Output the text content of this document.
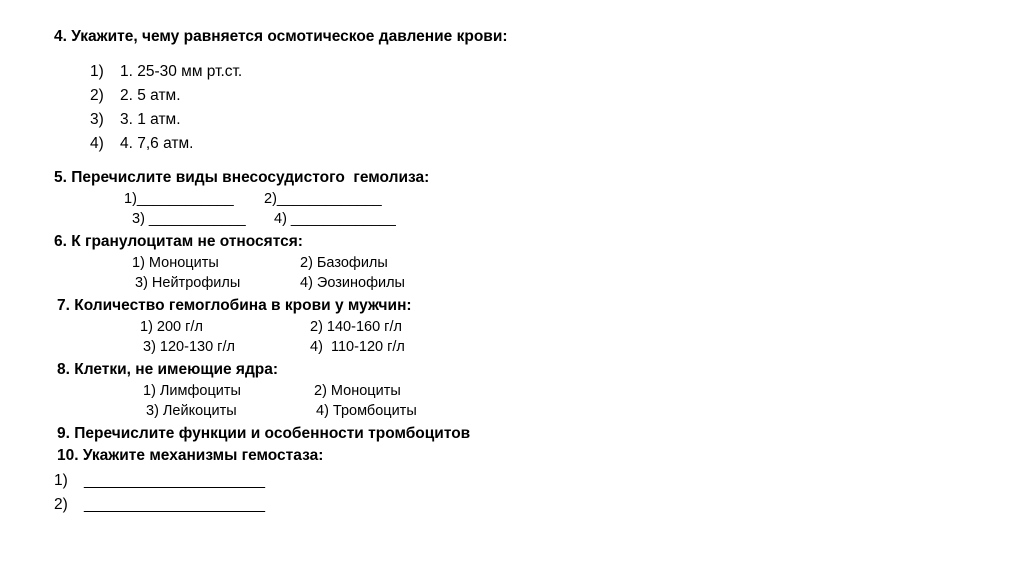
4. Укажите, чему равняется осмотическое давление крови:
1) 1. 25-30 мм рт.ст.
2) 2. 5 атм.
3) 3. 1 атм.
4) 4. 7,6 атм.
5. Перечислите виды внесосудистого  гемолиза:
1)____________ 2)_____________
3) ____________ 4) _____________
6. К гранулоцитам не относятся:
1) Моноциты	2) Базофилы
3) Нейтрофилы	4) Эозинофилы
7. Количество гемоглобина в крови у мужчин:
1) 200 г/л	2) 140-160 г/л
3) 120-130 г/л	4)  110-120 г/л
8. Клетки, не имеющие ядра:
1) Лимфоциты	2) Моноциты
3) Лейкоциты	4) Тромбоциты
9. Перечислите функции и особенности тромбоцитов
10. Укажите механизмы гемостаза:
1) _____________________
2) _____________________
